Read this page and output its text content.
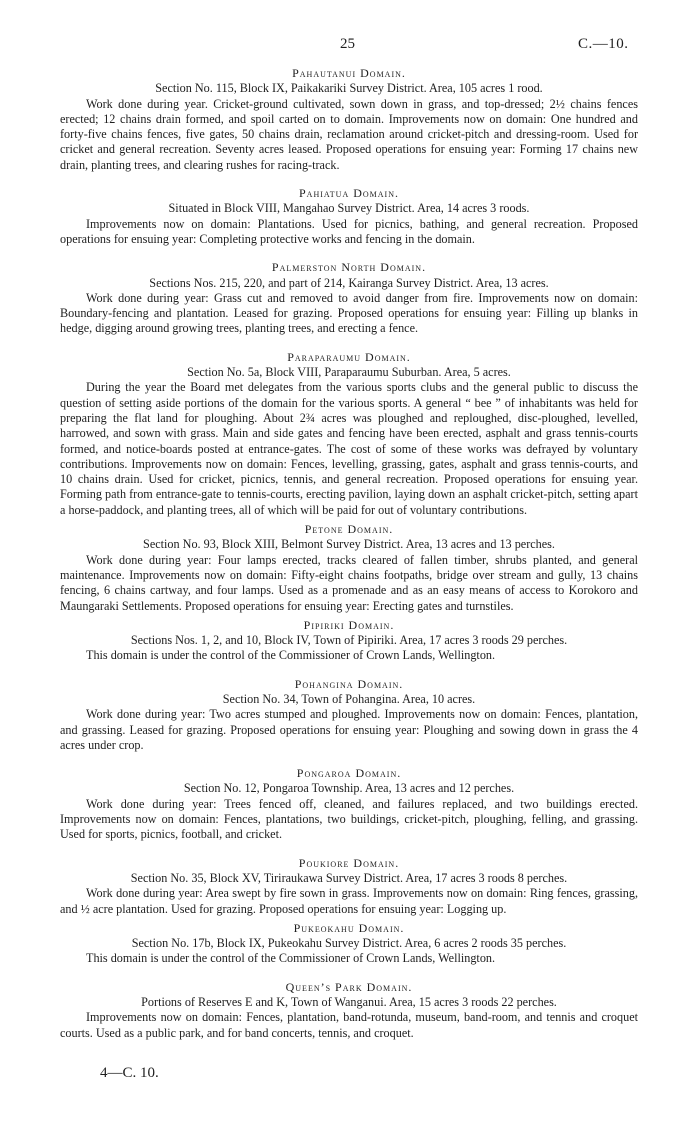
25	C.—10.

Pahautanui Domain.

Section No. 115, Block IX, Paikakariki Survey District. Area, 105 acres 1 rood.

Work done during year. Cricket-ground cultivated, sown down in grass, and top-dressed; 2½ chains fences erected; 12 chains drain formed, and spoil carted on to domain. Improvements now on domain: One hundred and forty-five chains fences, five gates, 50 chains drain, reclamation around cricket-pitch and dressing-room. Used for cricket and general recreation. Seventy acres leased. Proposed operations for ensuing year: Forming 17 chains new drain, planting trees, and clearing rushes for racing-track.

Pahiatua Domain.

Situated in Block VIII, Mangahao Survey District. Area, 14 acres 3 roods.

Improvements now on domain: Plantations. Used for picnics, bathing, and general recreation. Proposed operations for ensuing year: Completing protective works and fencing in the domain.

Palmerston North Domain.

Sections Nos. 215, 220, and part of 214, Kairanga Survey District. Area, 13 acres.

Work done during year: Grass cut and removed to avoid danger from fire. Improvements now on domain: Boundary-fencing and plantation. Leased for grazing. Proposed operations for ensuing year: Filling up blanks in hedge, digging around growing trees, planting trees, and erecting a fence.

Paraparaumu Domain.

Section No. 5a, Block VIII, Paraparaumu Suburban. Area, 5 acres.

During the year the Board met delegates from the various sports clubs and the general public to discuss the question of setting aside portions of the domain for the various sports. A general “ bee ” of inhabitants was held for preparing the flat land for ploughing. About 2¾ acres was ploughed and reploughed, disc-ploughed, levelled, harrowed, and sown with grass. Main and side gates and fencing have been erected, asphalt and grass tennis-courts formed, and notice-boards posted at entrance-gates. The cost of some of these works was defrayed by voluntary contributions. Improvements now on domain: Fences, levelling, grassing, gates, asphalt and grass tennis-courts, and 10 chains drain. Used for cricket, picnics, tennis, and general recreation. Proposed operations for ensuing year. Forming path from entrance-gate to tennis-courts, erecting pavilion, laying down an asphalt cricket-pitch, setting apart a horse-paddock, and planting trees, all of which will be paid for out of voluntary contributions.

Petone Domain.

Section No. 93, Block XIII, Belmont Survey District. Area, 13 acres and 13 perches.

Work done during year: Four lamps erected, tracks cleared of fallen timber, shrubs planted, and general maintenance. Improvements now on domain: Fifty-eight chains footpaths, bridge over stream and gully, 13 chains fencing, 6 chains cartway, and four lamps. Used as a promenade and as an easy means of access to Korokoro and Maungaraki Settlements. Proposed operations for ensuing year: Erecting gates and turnstiles.

Pipiriki Domain.

Sections Nos. 1, 2, and 10, Block IV, Town of Pipiriki. Area, 17 acres 3 roods 29 perches.

This domain is under the control of the Commissioner of Crown Lands, Wellington.

Pohangina Domain.

Section No. 34, Town of Pohangina. Area, 10 acres.

Work done during year: Two acres stumped and ploughed. Improvements now on domain: Fences, plantation, and grassing. Leased for grazing. Proposed operations for ensuing year: Ploughing and sowing down in grass the 4 acres under crop.

Pongaroa Domain.

Section No. 12, Pongaroa Township. Area, 13 acres and 12 perches.

Work done during year: Trees fenced off, cleaned, and failures replaced, and two buildings erected. Improvements now on domain: Fences, plantations, two buildings, cricket-pitch, ploughing, felling, and grassing. Used for sports, picnics, football, and cricket.

Poukiore Domain.

Section No. 35, Block XV, Tiriraukawa Survey District. Area, 17 acres 3 roods 8 perches.

Work done during year: Area swept by fire sown in grass. Improvements now on domain: Ring fences, grassing, and ½ acre plantation. Used for grazing. Proposed operations for ensuing year: Logging up.

Pukeokahu Domain.

Section No. 17b, Block IX, Pukeokahu Survey District. Area, 6 acres 2 roods 35 perches.

This domain is under the control of the Commissioner of Crown Lands, Wellington.

Queen’s Park Domain.

Portions of Reserves E and K, Town of Wanganui. Area, 15 acres 3 roods 22 perches.

Improvements now on domain: Fences, plantation, band-rotunda, museum, band-room, and tennis and croquet courts. Used as a public park, and for band concerts, tennis, and croquet.

4—C. 10.
